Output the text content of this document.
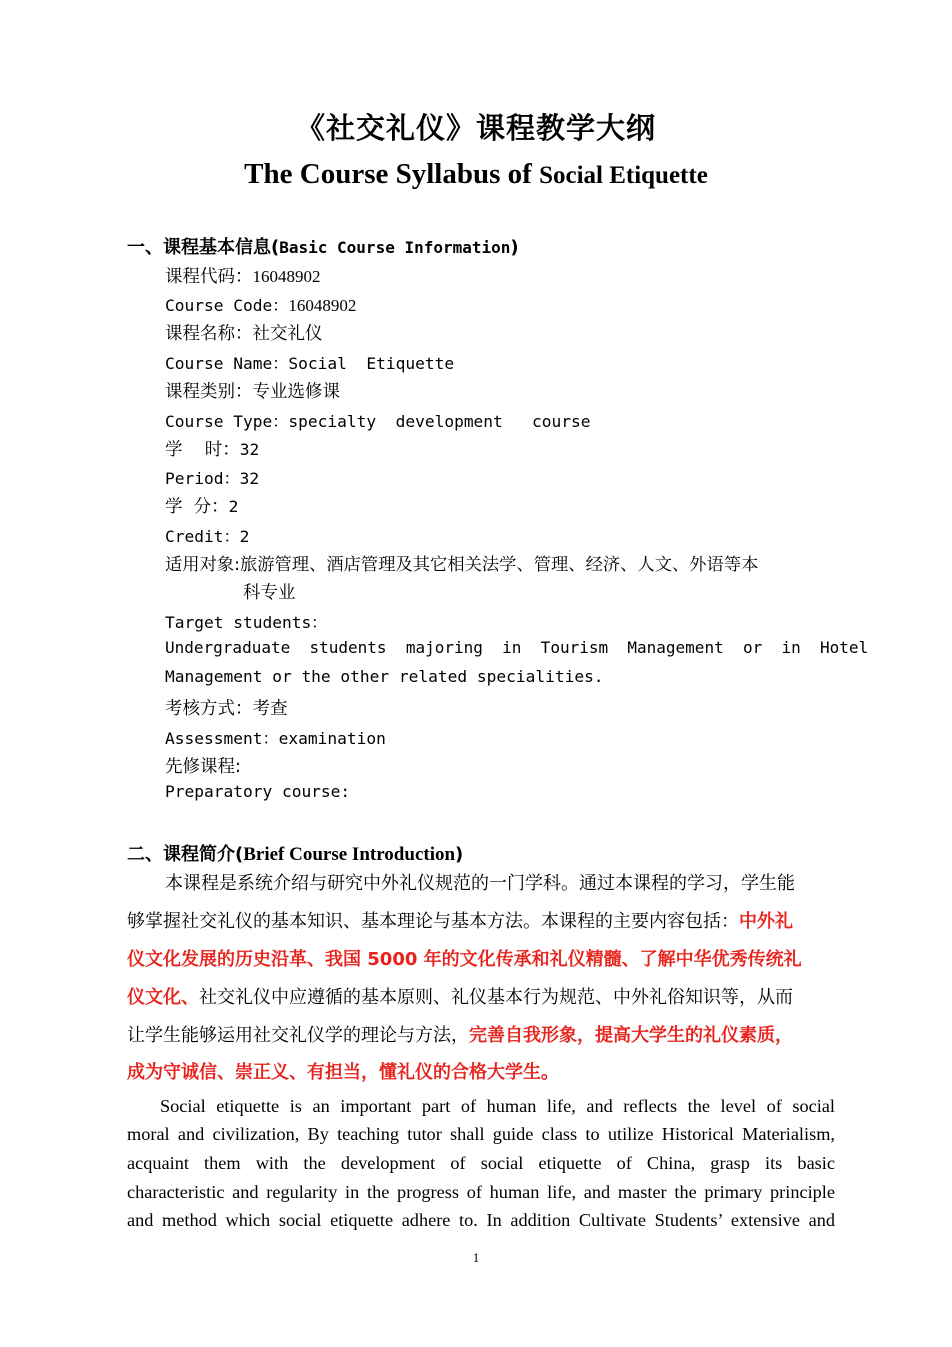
《社交礼仪》课程教学大纲
The Course Syllabus of Social Etiquette
一、课程基本信息(Basic Course Information)
课程代码：16048902
Course Code：16048902
课程名称：社交礼仪
Course Name：Social  Etiquette
课程类别：专业选修课
Course Type：specialty  development   course
学    时：32
Period：32
学  分：2
Credit：2
适用对象:旅游管理、酒店管理及其它相关法学、管理、经济、人文、外语等本
科专业
Target students：
Undergraduate  students  majoring  in  Tourism  Management  or  in  Hotel
Management or the other related specialities.
考核方式：考查
Assessment：examination
先修课程:
Preparatory course:
二、课程简介(Brief Course Introduction)
本课程是系统介绍与研究中外礼仪规范的一门学科。通过本课程的学习，学生能
够掌握社交礼仪的基本知识、基本理论与基本方法。本课程的主要内容包括：中外礼
仪文化发展的历史沿革、我国 5000 年的文化传承和礼仪精髓、了解中华优秀传统礼
仪文化、社交礼仪中应遵循的基本原则、礼仪基本行为规范、中外礼俗知识等，从而
让学生能够运用社交礼仪学的理论与方法，完善自我形象，提高大学生的礼仪素质，
成为守诚信、崇正义、有担当，懂礼仪的合格大学生。
Social etiquette is an important part of human life, and reflects the level of social
moral and civilization, By teaching tutor shall guide class to utilize Historical Materialism,
acquaint them with the development of social etiquette of China, grasp its basic
characteristic and regularity in the progress of human life, and master the primary principle
and method which social etiquette adhere to. In addition Cultivate Students’ extensive and
1
